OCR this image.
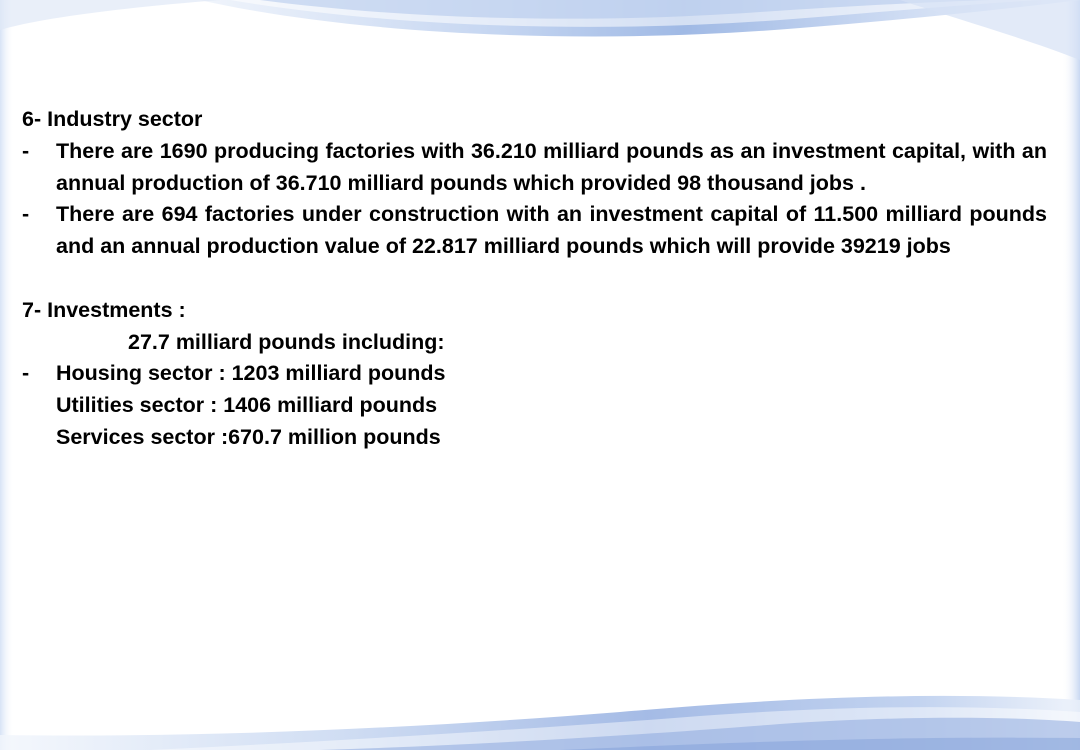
6- Industry sector

- There are 1690 producing factories with 36.210 milliard pounds as an investment capital, with an annual production of 36.710 milliard pounds which provided 98 thousand jobs .

- There are 694 factories under construction with an investment capital of 11.500 milliard pounds and an annual production value of 22.817 milliard pounds which will provide 39219 jobs

7- Investments :

27.7 milliard pounds including:

- Housing sector : 1203 milliard pounds

Utilities sector : 1406 milliard pounds

Services sector :670.7 million pounds
